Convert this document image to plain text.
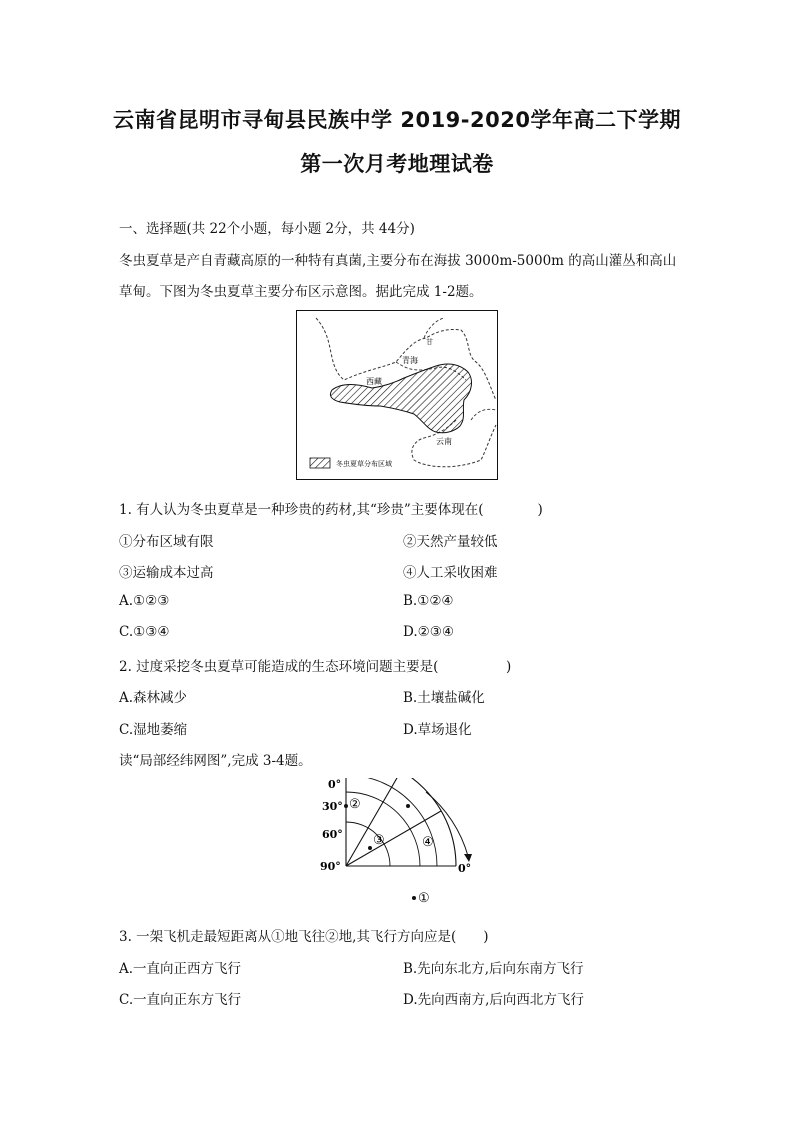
云南省昆明市寻甸县民族中学 2019-2020学年高二下学期
第一次月考地理试卷
一、选择题(共 22个小题，每小题 2分，共 44分)
冬虫夏草是产自青藏高原的一种特有真菌,主要分布在海拔 3000m-5000m 的高山灌丛和高山
草甸。下图为冬虫夏草主要分布区示意图。据此完成 1-2题。
青海
西藏
云南
甘
冬虫夏草分布区域
1. 有人认为冬虫夏草是一种珍贵的药材,其“珍贵”主要体现在(　　　　)
①分布区域有限	②天然产量较低
③运输成本过高	④人工采收困难
A.①②③	B.①②④
C.①③④	D.②③④
2. 过度采挖冬虫夏草可能造成的生态环境问题主要是(　　　　　)
A.森林减少	B.土壤盐碱化
C.湿地萎缩	D.草场退化
读“局部经纬网图”,完成 3-4题。
0°
30°
60°
90°	0°
②
③	④
①
3. 一架飞机走最短距离从①地飞往②地,其飞行方向应是(　　)
A.一直向正西方飞行	B.先向东北方,后向东南方飞行
C.一直向正东方飞行	D.先向西南方,后向西北方飞行
